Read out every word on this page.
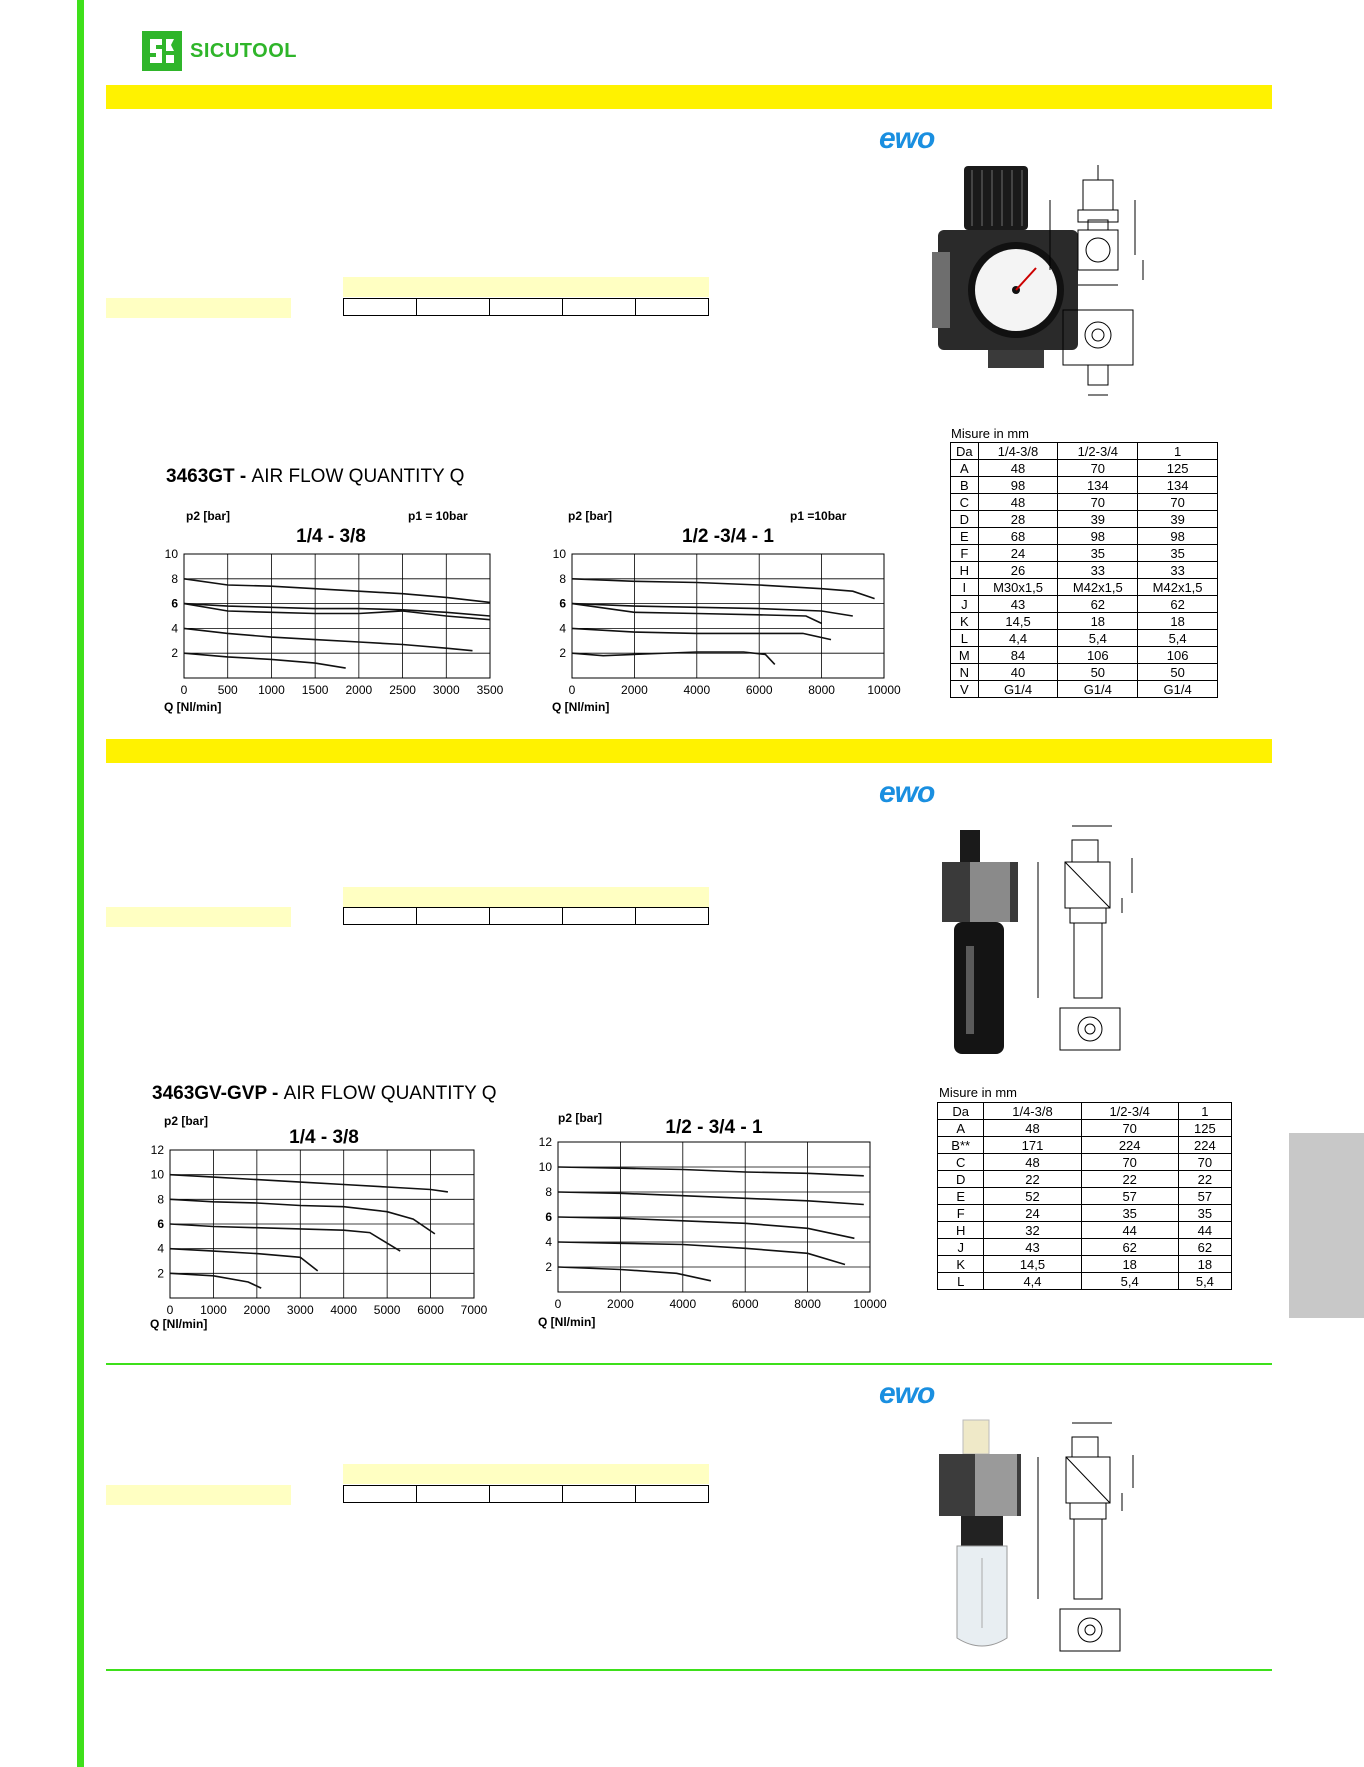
SICUTOOL
ewo
3463GT - AIR FLOW QUANTITY Q
0	500 1000 1500 2000 2500 3000 3500
10
8
6
4
2
1/4 - 3/8
p2 [bar]
Q [Nl/min]
p1 = 10bar
0	2000	4000	6000	8000	10000
10
8
6
4
2
1/2 -3/4 - 1
p2 [bar]
Q [Nl/min]
p1 =10bar
Misure in mm
Da	1/4-3/8	1/2-3/4	1
A	48	70	125
B	98	134	134
C	48	70	70
D	28	39	39
E	68	98	98
F	24	35	35
H	26	33	33
I	M30x1,5	M42x1,5	M42x1,5
J	43	62	62
K	14,5	18	18
L	4,4	5,4	5,4
M	84	106	106
N	40	50	50
V	G1/4	G1/4	G1/4
ewo
3463GV-GVP - AIR FLOW QUANTITY Q
0 1000 2000 3000 4000 5000 6000 7000
12
10
8
6
4
2
1/4 - 3/8
p2 [bar]
Q [Nl/min]
0	2000	4000	6000	8000	10000
12
10
8
6
4
2
1/2 - 3/4 - 1
p2 [bar]
Q [Nl/min]
Misure in mm
Da	1/4-3/8	1/2-3/4	1
A	48	70	125
B**	171	224	224
C	48	70	70
D	22	22	22
E	52	57	57
F	24	35	35
H	32	44	44
J	43	62	62
K	14,5	18	18
L	4,4	5,4	5,4
ewo
